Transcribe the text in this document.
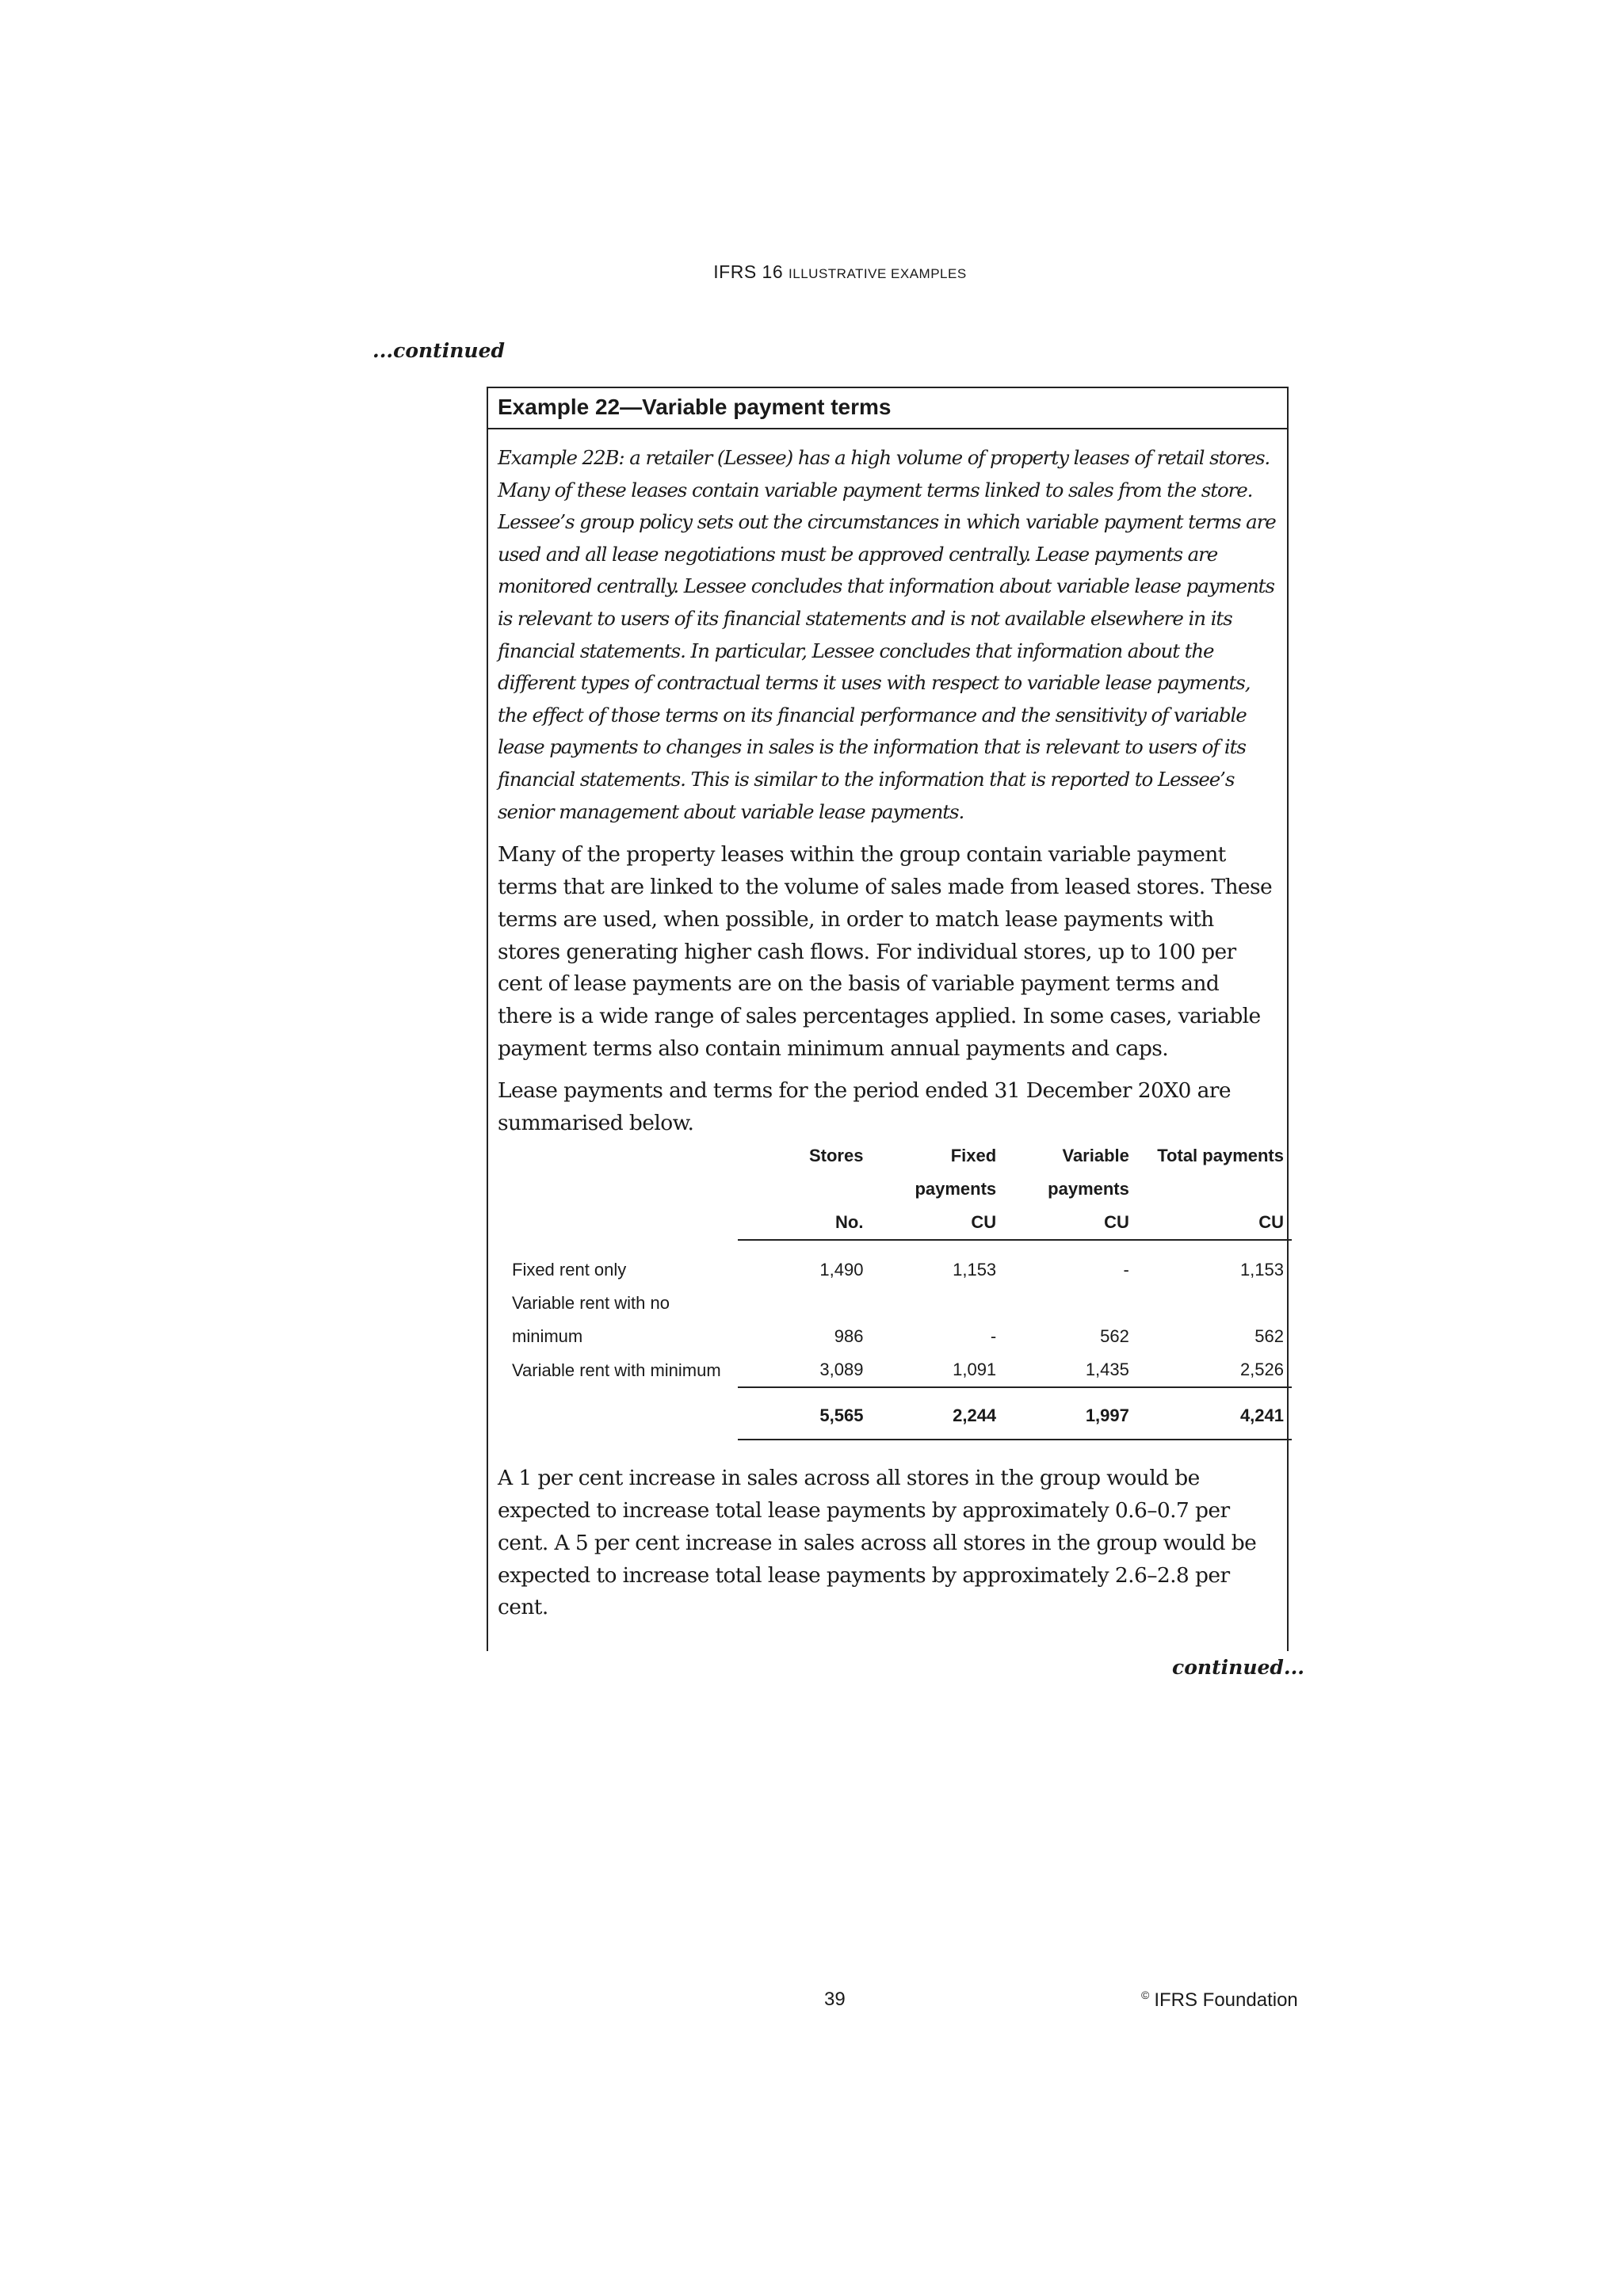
IFRS 16 ILLUSTRATIVE EXAMPLES
...continued
Example 22—Variable payment terms

Example 22B: a retailer (Lessee) has a high volume of property leases of retail stores. Many of these leases contain variable payment terms linked to sales from the store. Lessee’s group policy sets out the circumstances in which variable payment terms are used and all lease negotiations must be approved centrally. Lease payments are monitored centrally. Lessee concludes that information about variable lease payments is relevant to users of its financial statements and is not available elsewhere in its financial statements. In particular, Lessee concludes that information about the different types of contractual terms it uses with respect to variable lease payments, the effect of those terms on its financial performance and the sensitivity of variable lease payments to changes in sales is the information that is relevant to users of its financial statements. This is similar to the information that is reported to Lessee’s senior management about variable lease payments.

Many of the property leases within the group contain variable payment terms that are linked to the volume of sales made from leased stores. These terms are used, when possible, in order to match lease payments with stores generating higher cash flows. For individual stores, up to 100 per cent of lease payments are on the basis of variable payment terms and there is a wide range of sales percentages applied. In some cases, variable payment terms also contain minimum annual payments and caps.

Lease payments and terms for the period ended 31 December 20X0 are summarised below.

	Stores	Fixed	Variable	Total payments
		payments	payments	
	No.	CU	CU	CU
Fixed rent only	1,490	1,153	-	1,153
Variable rent with no				
minimum	986	-	562	562
Variable rent with minimum	3,089	1,091	1,435	2,526
	5,565	2,244	1,997	4,241

A 1 per cent increase in sales across all stores in the group would be expected to increase total lease payments by approximately 0.6–0.7 per cent. A 5 per cent increase in sales across all stores in the group would be expected to increase total lease payments by approximately 2.6–2.8 per cent.

continued...
39	© IFRS Foundation
